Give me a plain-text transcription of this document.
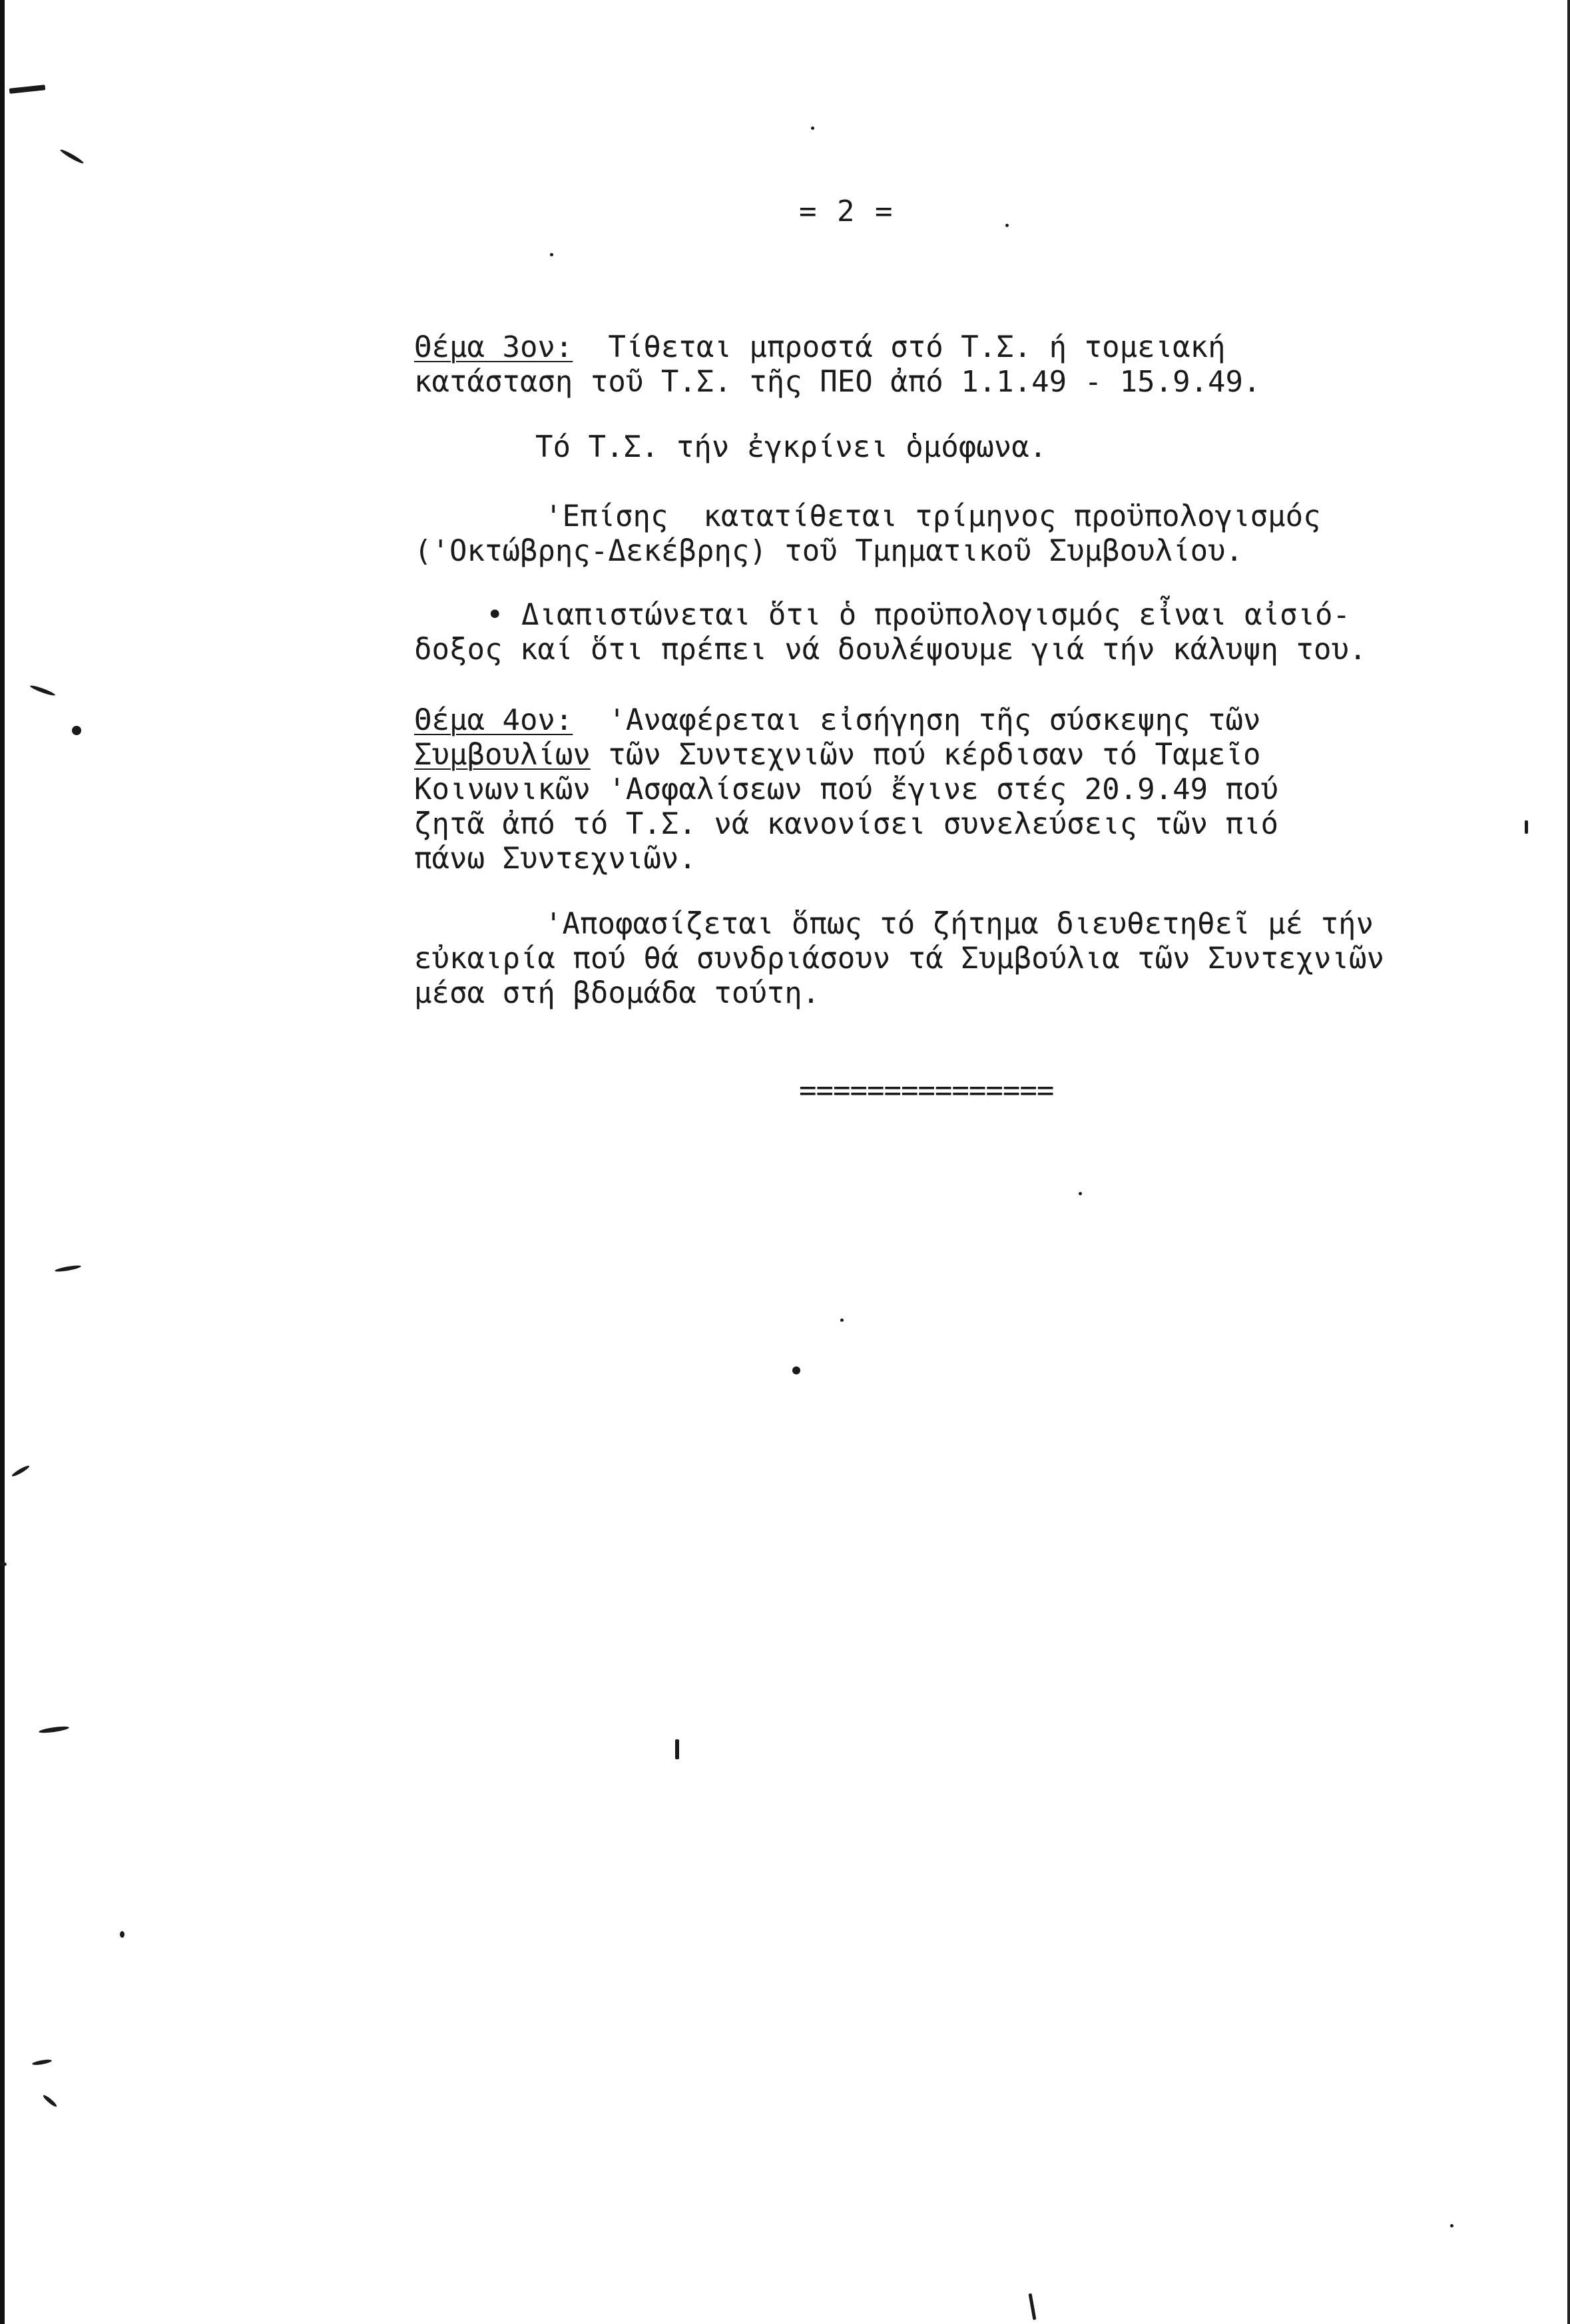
= 2 =
Θέμα 3ον:  Τίθεται μπροστά στό Τ.Σ. ή τομειακή
κατάσταση τοῦ Τ.Σ. τῆς ΠΕΟ ἀπό 1.1.49 - 15.9.49.
Τό Τ.Σ. τήν ἐγκρίνει ὁμόφωνα.
'Επίσης  κατατίθεται τρίμηνος προϋπολογισμός
('Οκτώβρης-Δεκέβρης) τοῦ Τμηματικοῦ Συμβουλίου.
• Διαπιστώνεται ὅτι ὁ προϋπολογισμός εἶναι αἰσιό-
δοξος καί ὅτι πρέπει νά δουλέψουμε γιά τήν κάλυψη του.
Θέμα 4ον:  'Αναφέρεται εἰσήγηση τῆς σύσκεψης τῶν
Συμβουλίων τῶν Συντεχνιῶν πού κέρδισαν τό Ταμεῖο
Κοινωνικῶν 'Ασφαλίσεων πού ἔγινε στές 20.9.49 πού
ζητᾶ ἀπό τό Τ.Σ. νά κανονίσει συνελεύσεις τῶν πιό
πάνω Συντεχνιῶν.
'Αποφασίζεται ὅπως τό ζήτημα διευθετηθεῖ μέ τήν
εὐκαιρία πού θά συνδριάσουν τά Συμβούλια τῶν Συντεχνιῶν
μέσα στή βδομάδα τούτη.
===============
